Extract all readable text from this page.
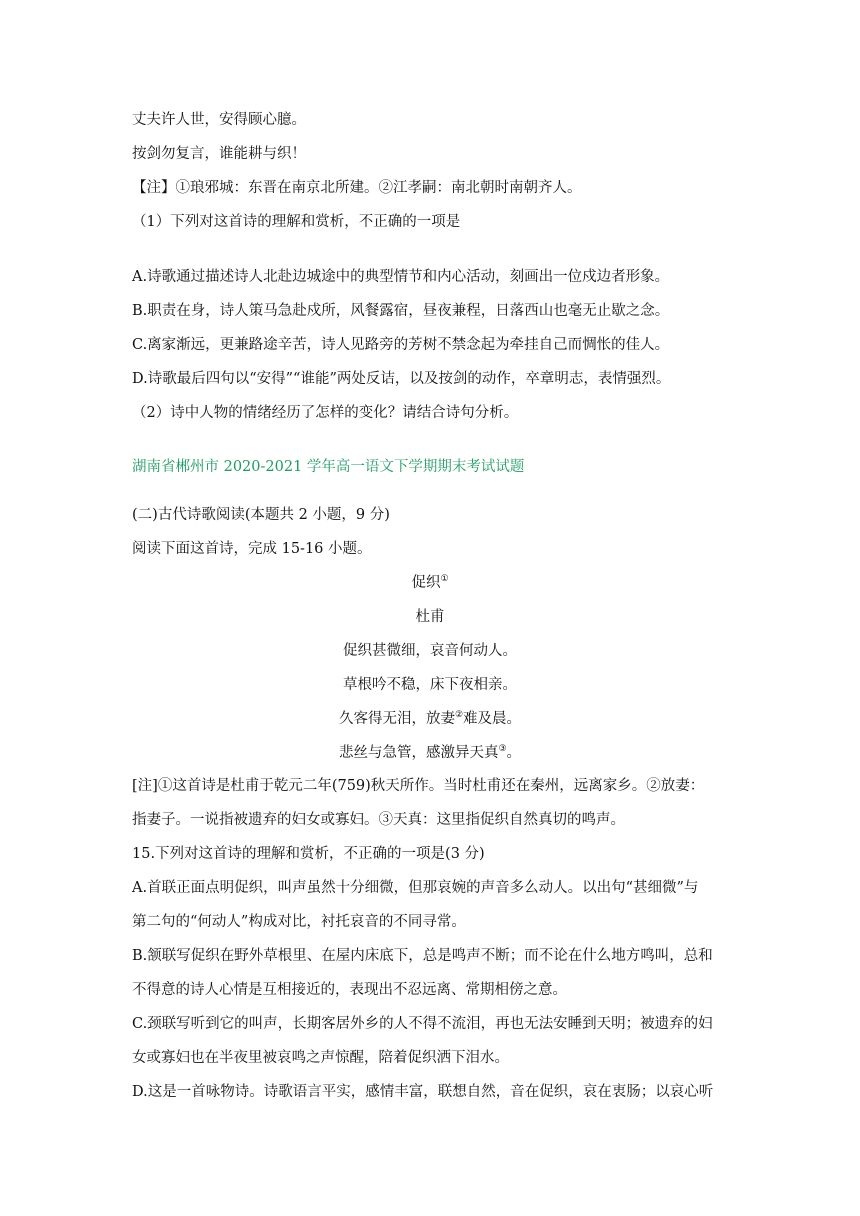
丈夫许人世，安得顾心臆。
按剑勿复言，谁能耕与织！
【注】①琅邪城：东晋在南京北所建。②江孝嗣：南北朝时南朝齐人。
（1）下列对这首诗的理解和赏析，不正确的一项是
A.诗歌通过描述诗人北赴边城途中的典型情节和内心活动，刻画出一位戍边者形象。
B.职责在身，诗人策马急赴戍所，风餐露宿，昼夜兼程，日落西山也毫无止歇之念。
C.离家渐远，更兼路途辛苦，诗人见路旁的芳树不禁念起为牵挂自己而惆怅的佳人。
D.诗歌最后四句以“安得”“谁能”两处反诘，以及按剑的动作，卒章明志，表情强烈。
（2）诗中人物的情绪经历了怎样的变化？请结合诗句分析。
湖南省郴州市 2020-2021 学年高一语文下学期期末考试试题
(二)古代诗歌阅读(本题共 2 小题，9 分)
阅读下面这首诗，完成 15-16 小题。
促织①
杜甫
促织甚微细，哀音何动人。
草根吟不稳，床下夜相亲。
久客得无泪，放妻②难及晨。
悲丝与急管，感激异天真③。
[注]①这首诗是杜甫于乾元二年(759)秋天所作。当时杜甫还在秦州，远离家乡。②放妻：
指妻子。一说指被遗弃的妇女或寡妇。③天真：这里指促织自然真切的鸣声。
15.下列对这首诗的理解和赏析，不正确的一项是(3 分)
A.首联正面点明促织，叫声虽然十分细微，但那哀婉的声音多么动人。以出句“甚细微”与
第二句的“何动人”构成对比，衬托哀音的不同寻常。
B.颔联写促织在野外草根里、在屋内床底下，总是鸣声不断；而不论在什么地方鸣叫，总和
不得意的诗人心情是互相接近的，表现出不忍远离、常期相傍之意。
C.颈联写听到它的叫声，长期客居外乡的人不得不流泪，再也无法安睡到天明；被遗弃的妇
女或寡妇也在半夜里被哀鸣之声惊醒，陪着促织洒下泪水。
D.这是一首咏物诗。诗歌语言平实，感情丰富，联想自然，音在促织，哀在衷肠；以哀心听
